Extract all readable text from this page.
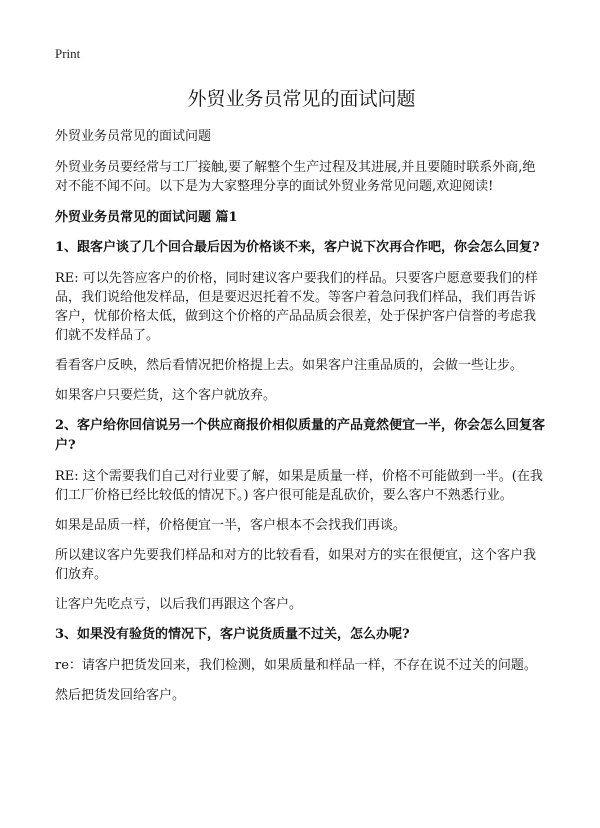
Print
外贸业务员常见的面试问题

外贸业务员常见的面试问题

外贸业务员要经常与工厂接触,要了解整个生产过程及其进展,并且要随时联系外商,绝对不能不闻不问。以下是为大家整理分享的面试外贸业务常见问题,欢迎阅读!

外贸业务员常见的面试问题 篇1

1、跟客户谈了几个回合最后因为价格谈不来，客户说下次再合作吧，你会怎么回复?

RE: 可以先答应客户的价格，同时建议客户要我们的样品。只要客户愿意要我们的样品，我们说给他发样品，但是要迟迟托着不发。等客户着急问我们样品，我们再告诉客户，忧郁价格太低，做到这个价格的产品品质会很差，处于保护客户信誉的考虑我们就不发样品了。

看看客户反映，然后看情况把价格提上去。如果客户注重品质的，会做一些让步。

如果客户只要烂货，这个客户就放弃。

2、客户给你回信说另一个供应商报价相似质量的产品竟然便宜一半，你会怎么回复客户?

RE: 这个需要我们自己对行业要了解，如果是质量一样，价格不可能做到一半。(在我们工厂价格已经比较低的情况下。) 客户很可能是乱砍价，要么客户不熟悉行业。

如果是品质一样，价格便宜一半，客户根本不会找我们再谈。

所以建议客户先要我们样品和对方的比较看看，如果对方的实在很便宜，这个客户我们放弃。

让客户先吃点亏，以后我们再跟这个客户。

3、如果没有验货的情况下，客户说货质量不过关，怎么办呢?

re：请客户把货发回来，我们检测，如果质量和样品一样，不存在说不过关的问题。

然后把货发回给客户。
